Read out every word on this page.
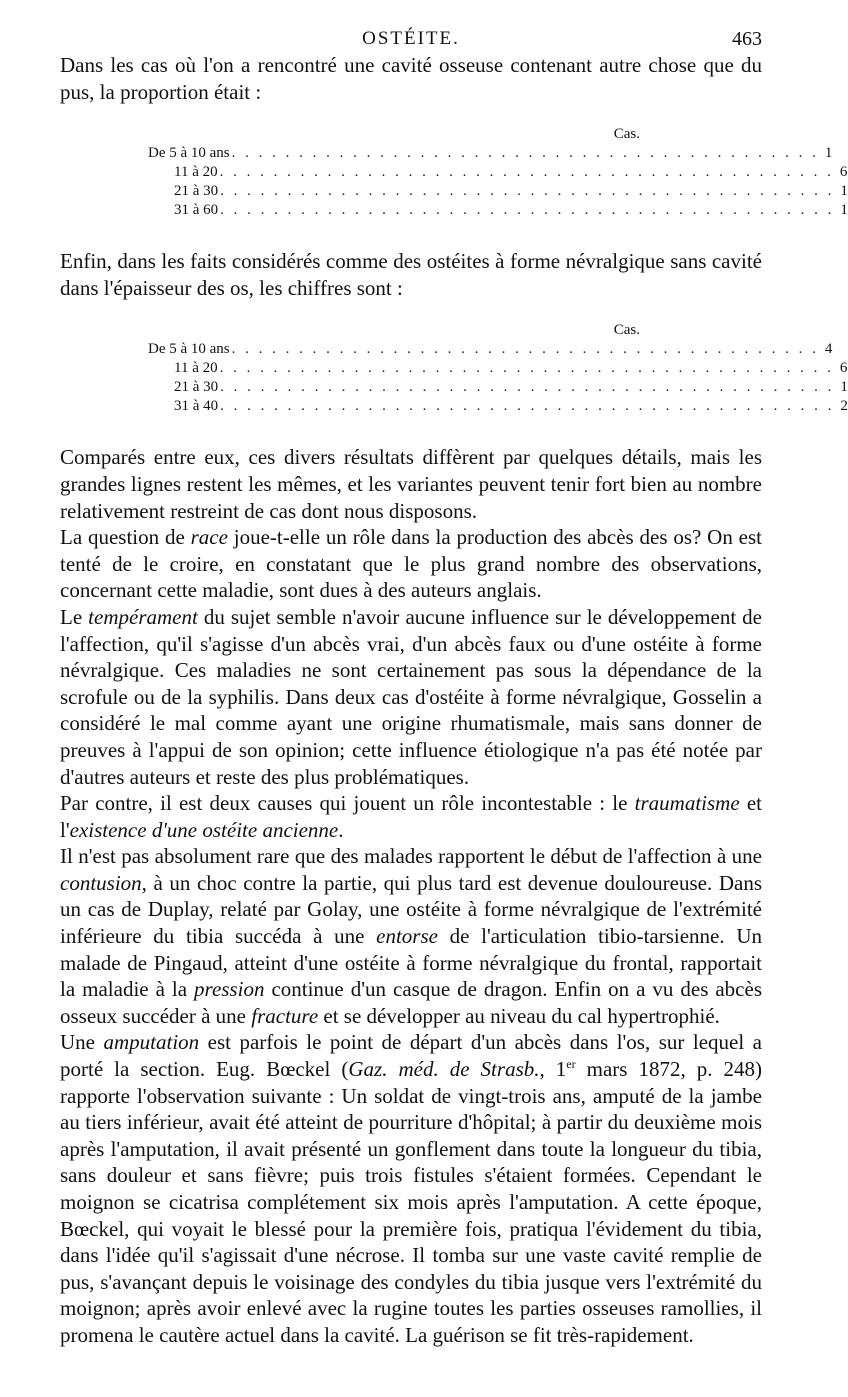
OSTÉITE.	463

Dans les cas où l'on a rencontré une cavité osseuse contenant autre chose que du pus, la proportion était :

Cas.
De 5 à 10 ans . . . . . . . . . . . . . . . . . . . . . . . . . . . . . . . . . . . . . . . . . . . . 1
11 à 20 . . . . . . . . . . . . . . . . . . . . . . . . . . . . . . . . . . . . . . . . . . . . . . 6
21 à 30 . . . . . . . . . . . . . . . . . . . . . . . . . . . . . . . . . . . . . . . . . . . . . . 1
31 à 60 . . . . . . . . . . . . . . . . . . . . . . . . . . . . . . . . . . . . . . . . . . . . . . 1

Enfin, dans les faits considérés comme des ostéites à forme névralgique sans cavité dans l'épaisseur des os, les chiffres sont :

Cas.
De 5 à 10 ans . . . . . . . . . . . . . . . . . . . . . . . . . . . . . . . . . . . . . . . . . . . . 4
11 à 20 . . . . . . . . . . . . . . . . . . . . . . . . . . . . . . . . . . . . . . . . . . . . . . 6
21 à 30 . . . . . . . . . . . . . . . . . . . . . . . . . . . . . . . . . . . . . . . . . . . . . . 1
31 à 40 . . . . . . . . . . . . . . . . . . . . . . . . . . . . . . . . . . . . . . . . . . . . . . 2

Comparés entre eux, ces divers résultats diffèrent par quelques détails, mais les grandes lignes restent les mêmes, et les variantes peuvent tenir fort bien au nombre relativement restreint de cas dont nous disposons.

La question de race joue-t-elle un rôle dans la production des abcès des os? On est tenté de le croire, en constatant que le plus grand nombre des observations, concernant cette maladie, sont dues à des auteurs anglais.

Le tempérament du sujet semble n'avoir aucune influence sur le développement de l'affection, qu'il s'agisse d'un abcès vrai, d'un abcès faux ou d'une ostéite à forme névralgique. Ces maladies ne sont certainement pas sous la dépendance de la scrofule ou de la syphilis. Dans deux cas d'ostéite à forme névralgique, Gosselin a considéré le mal comme ayant une origine rhumatismale, mais sans donner de preuves à l'appui de son opinion; cette influence étiologique n'a pas été notée par d'autres auteurs et reste des plus problématiques.

Par contre, il est deux causes qui jouent un rôle incontestable : le traumatisme et l'existence d'une ostéite ancienne.

Il n'est pas absolument rare que des malades rapportent le début de l'affection à une contusion, à un choc contre la partie, qui plus tard est devenue douloureuse. Dans un cas de Duplay, relaté par Golay, une ostéite à forme névralgique de l'extrémité inférieure du tibia succéda à une entorse de l'articulation tibio-tarsienne. Un malade de Pingaud, atteint d'une ostéite à forme névralgique du frontal, rapportait la maladie à la pression continue d'un casque de dragon. Enfin on a vu des abcès osseux succéder à une fracture et se développer au niveau du cal hypertrophié.

Une amputation est parfois le point de départ d'un abcès dans l'os, sur lequel a porté la section. Eug. Bœckel (Gaz. méd. de Strasb., 1er mars 1872, p. 248) rapporte l'observation suivante : Un soldat de vingt-trois ans, amputé de la jambe au tiers inférieur, avait été atteint de pourriture d'hôpital; à partir du deuxième mois après l'amputation, il avait présenté un gonflement dans toute la longueur du tibia, sans douleur et sans fièvre; puis trois fistules s'étaient formées. Cependant le moignon se cicatrisa complétement six mois après l'amputation. A cette époque, Bœckel, qui voyait le blessé pour la première fois, pratiqua l'évidement du tibia, dans l'idée qu'il s'agissait d'une nécrose. Il tomba sur une vaste cavité remplie de pus, s'avançant depuis le voisinage des condyles du tibia jusque vers l'extrémité du moignon; après avoir enlevé avec la rugine toutes les parties osseuses ramollies, il promena le cautère actuel dans la cavité. La guérison se fit très-rapidement.
